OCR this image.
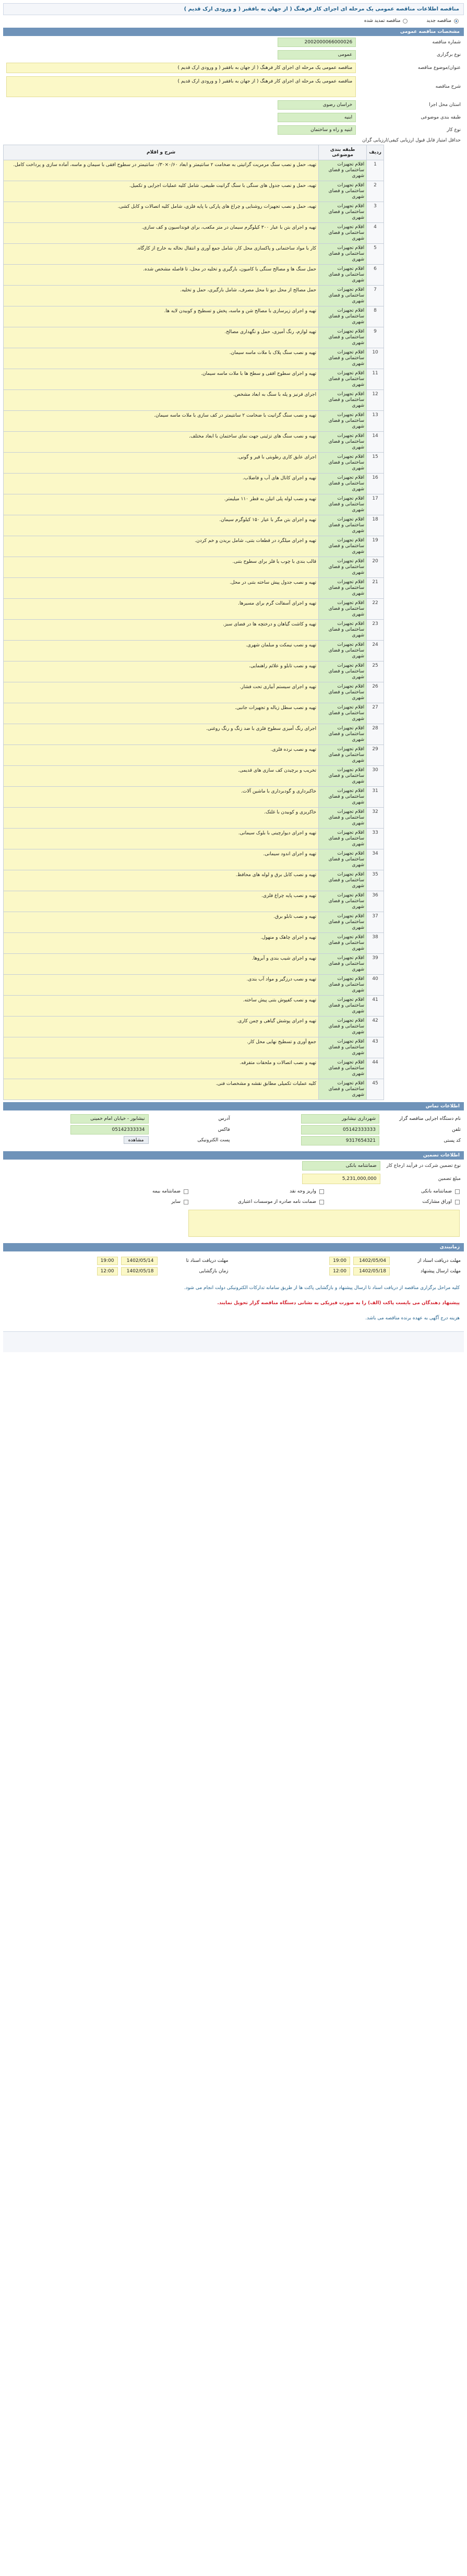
مناقصه اطلاعات مناقصه عمومی یک مرحله ای اجرای کار فرهنگ ( از جهان به بافقبر ( و ورودی ارک قدیم )
مناقصه جدید
مناقصه تمدید شده
مشخصات مناقصه عمومی
شماره مناقصه	2002000066000026
نوع برگزاری	عمومی
عنوان/موضوع مناقصه	مناقصه عمومی یک مرحله ای اجرای کار فرهنگ ( از جهان به بافقبر ( و ورودی ارک قدیم )

شرح مناقصه	مناقصه عمومی یک مرحله ای اجرای کار فرهنگ ( از جهان به بافقبر ( و ورودی ارک قدیم )

استان محل اجرا	خراسان رضوی
طبقه بندی موضوعی	ابنیه
نوع کار	ابنیه و راه و ساختمان
حداقل امتیاز قابل قبول ارزیابی کیفی/ارزیابی گران	
ردیف	طبقه بندی موضوعی	شرح و اقلام
1	اقلام تجهیزات ساختمانی و فضای شهری	تهیه، حمل و نصب سنگ مرمریت گرانیتی به ضخامت ۲ سانتیمتر و ابعاد ۰/۶۰×۰/۳۰ سانتیمتر در سطوح افقی با سیمان و ماسه، آماده سازی و پرداخت کامل.
2	اقلام تجهیزات ساختمانی و فضای شهری	تهیه، حمل و نصب جدول های سنگی با سنگ گرانیت طبیعی، شامل کلیه عملیات اجرایی و تکمیل.
3	اقلام تجهیزات ساختمانی و فضای شهری	تهیه، حمل و نصب تجهیزات روشنایی و چراغ های پارکی با پایه فلزی، شامل کلیه اتصالات و کابل کشی.
4	اقلام تجهیزات ساختمانی و فضای شهری	تهیه و اجرای بتن با عیار ۳۰۰ کیلوگرم سیمان در متر مکعب، برای فونداسیون و کف سازی.
5	اقلام تجهیزات ساختمانی و فضای شهری	کار با مواد ساختمانی و پاکسازی محل کار، شامل جمع آوری و انتقال نخاله به خارج از کارگاه.
6	اقلام تجهیزات ساختمانی و فضای شهری	حمل سنگ ها و مصالح سنگی با کامیون، بارگیری و تخلیه در محل، تا فاصله مشخص شده.
7	اقلام تجهیزات ساختمانی و فضای شهری	حمل مصالح از محل دپو تا محل مصرف، شامل بارگیری، حمل و تخلیه.
8	اقلام تجهیزات ساختمانی و فضای شهری	تهیه و اجرای زیرسازی با مصالح شن و ماسه، پخش و تسطیح و کوبیدن لایه ها.
9	اقلام تجهیزات ساختمانی و فضای شهری	تهیه لوازم، رنگ آمیزی، حمل و نگهداری مصالح.
10	اقلام تجهیزات ساختمانی و فضای شهری	تهیه و نصب سنگ پلاک با ملات ماسه سیمان.
11	اقلام تجهیزات ساختمانی و فضای شهری	تهیه و اجرای سطوح افقی و سطح ها با ملات ماسه سیمان.
12	اقلام تجهیزات ساختمانی و فضای شهری	اجرای قرنیز و پله با سنگ به ابعاد مشخص.
13	اقلام تجهیزات ساختمانی و فضای شهری	تهیه و نصب سنگ گرانیت با ضخامت ۲ سانتیمتر در کف سازی با ملات ماسه سیمان.
14	اقلام تجهیزات ساختمانی و فضای شهری	تهیه و نصب سنگ های تزئینی جهت نمای ساختمان با ابعاد مختلف.
15	اقلام تجهیزات ساختمانی و فضای شهری	اجرای عایق کاری رطوبتی با قیر و گونی.
16	اقلام تجهیزات ساختمانی و فضای شهری	تهیه و اجرای کانال های آب و فاضلاب.
17	اقلام تجهیزات ساختمانی و فضای شهری	تهیه و نصب لوله پلی اتیلن به قطر ۱۱۰ میلیمتر.
18	اقلام تجهیزات ساختمانی و فضای شهری	تهیه و اجرای بتن مگر با عیار ۱۵۰ کیلوگرم سیمان.
19	اقلام تجهیزات ساختمانی و فضای شهری	تهیه و اجرای میلگرد در قطعات بتنی، شامل بریدن و خم کردن.
20	اقلام تجهیزات ساختمانی و فضای شهری	قالب بندی با چوب یا فلز برای سطوح بتنی.
21	اقلام تجهیزات ساختمانی و فضای شهری	تهیه و نصب جدول پیش ساخته بتنی در محل.
22	اقلام تجهیزات ساختمانی و فضای شهری	تهیه و اجرای آسفالت گرم برای مسیرها.
23	اقلام تجهیزات ساختمانی و فضای شهری	تهیه و کاشت گیاهان و درختچه ها در فضای سبز.
24	اقلام تجهیزات ساختمانی و فضای شهری	تهیه و نصب نیمکت و مبلمان شهری.
25	اقلام تجهیزات ساختمانی و فضای شهری	تهیه و نصب تابلو و علائم راهنمایی.
26	اقلام تجهیزات ساختمانی و فضای شهری	تهیه و اجرای سیستم آبیاری تحت فشار.
27	اقلام تجهیزات ساختمانی و فضای شهری	تهیه و نصب سطل زباله و تجهیزات جانبی.
28	اقلام تجهیزات ساختمانی و فضای شهری	اجرای رنگ آمیزی سطوح فلزی با ضد زنگ و رنگ روغنی.
29	اقلام تجهیزات ساختمانی و فضای شهری	تهیه و نصب نرده فلزی.
30	اقلام تجهیزات ساختمانی و فضای شهری	تخریب و برچیدن کف سازی های قدیمی.
31	اقلام تجهیزات ساختمانی و فضای شهری	خاکبرداری و گودبرداری با ماشین آلات.
32	اقلام تجهیزات ساختمانی و فضای شهری	خاکریزی و کوبیدن با غلتک.
33	اقلام تجهیزات ساختمانی و فضای شهری	تهیه و اجرای دیوارچینی با بلوک سیمانی.
34	اقلام تجهیزات ساختمانی و فضای شهری	تهیه و اجرای اندود سیمانی.
35	اقلام تجهیزات ساختمانی و فضای شهری	تهیه و نصب کابل برق و لوله های محافظ.
36	اقلام تجهیزات ساختمانی و فضای شهری	تهیه و نصب پایه چراغ فلزی.
37	اقلام تجهیزات ساختمانی و فضای شهری	تهیه و نصب تابلو برق.
38	اقلام تجهیزات ساختمانی و فضای شهری	تهیه و اجرای چاهک و منهول.
39	اقلام تجهیزات ساختمانی و فضای شهری	تهیه و اجرای شیب بندی و آبروها.
40	اقلام تجهیزات ساختمانی و فضای شهری	تهیه و نصب درزگیر و مواد آب بندی.
41	اقلام تجهیزات ساختمانی و فضای شهری	تهیه و نصب کفپوش بتنی پیش ساخته.
42	اقلام تجهیزات ساختمانی و فضای شهری	تهیه و اجرای پوشش گیاهی و چمن کاری.
43	اقلام تجهیزات ساختمانی و فضای شهری	جمع آوری و تسطیح نهایی محل کار.
44	اقلام تجهیزات ساختمانی و فضای شهری	تهیه و نصب اتصالات و ملحقات متفرقه.
45	اقلام تجهیزات ساختمانی و فضای شهری	کلیه عملیات تکمیلی مطابق نقشه و مشخصات فنی.
اطلاعات تماس
نام دستگاه اجرایی مناقصه گزار
شهرداری نیشابور
تلفن
05142333333
کد پستی
9317654321
آدرس
نیشابور - خیابان امام خمینی
فاکس
05142333334
پست الکترونیکی
مشاهده
اطلاعات تضمین
نوع تضمین شرکت در فرآیند ارجاع کار	ضمانتنامه بانکی
مبلغ تضمین	5,231,000,000
ضمانتنامه بانکی
واریز وجه نقد
ضمانتنامه بیمه
اوراق مشارکت
ضمانت نامه صادره از موسسات اعتباری
سایر
زمانبندی
مهلت دریافت اسناد از
1402/05/04
19:00
مهلت ارسال پیشنهاد
1402/05/18
12:00
مهلت دریافت اسناد تا
1402/05/14
19:00
زمان بازگشایی
1402/05/18
12:00
کلیه مراحل برگزاری مناقصه از دریافت اسناد تا ارسال پیشنهاد و بازگشایی پاکت ها از طریق سامانه تدارکات الکترونیکی دولت انجام می شود.
پیشنهاد دهندگان می بایست پاکت (الف) را به صورت فیزیکی به نشانی دستگاه مناقصه گزار تحویل نمایند.
هزینه درج آگهی به عهده برنده مناقصه می باشد.
